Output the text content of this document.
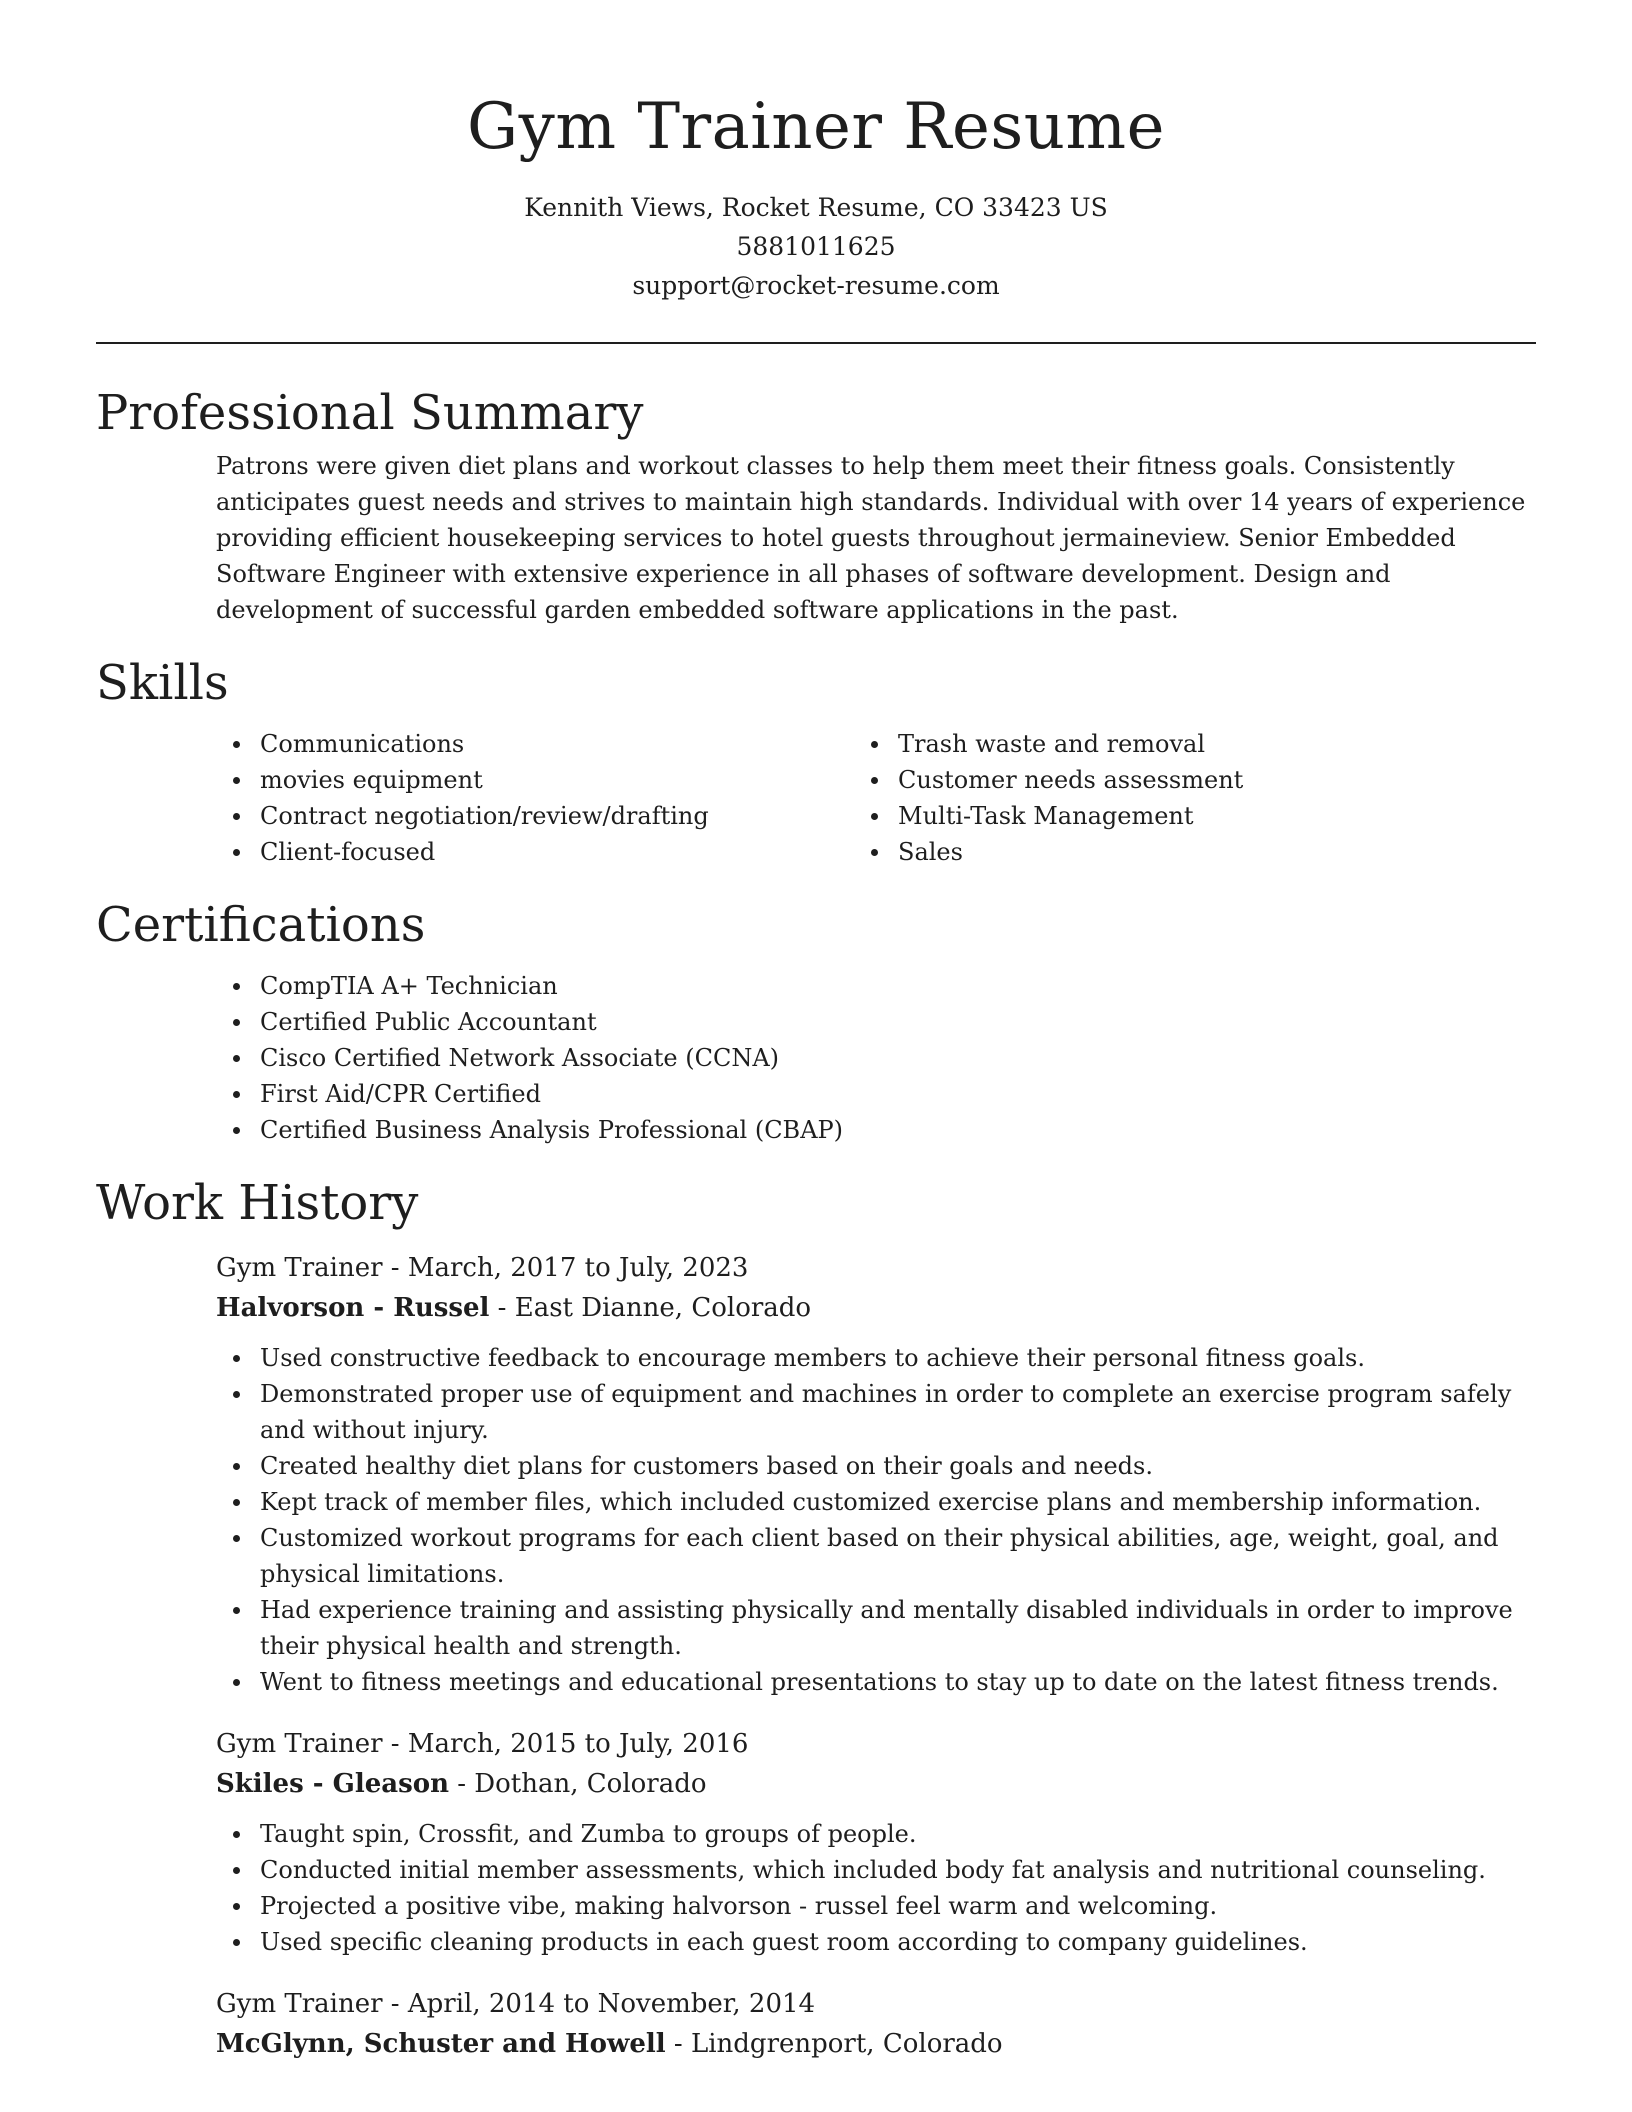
Gym Trainer Resume
Kennith Views, Rocket Resume, CO 33423 US
5881011625
support@rocket-resume.com
Professional Summary

Patrons were given diet plans and workout classes to help them meet their fitness goals. Consistently anticipates guest needs and strives to maintain high standards. Individual with over 14 years of experience providing efficient housekeeping services to hotel guests throughout jermaineview. Senior Embedded Software Engineer with extensive experience in all phases of software development. Design and development of successful garden embedded software applications in the past.

Skills
Communications
movies equipment
Contract negotiation/review/drafting
Client-focused
Trash waste and removal
Customer needs assessment
Multi-Task Management
Sales
Certifications
CompTIA A+ Technician
Certified Public Accountant
Cisco Certified Network Associate (CCNA)
First Aid/CPR Certified
Certified Business Analysis Professional (CBAP)
Work History
Gym Trainer - March, 2017 to July, 2023
Halvorson - Russel - East Dianne, Colorado
Used constructive feedback to encourage members to achieve their personal fitness goals.
Demonstrated proper use of equipment and machines in order to complete an exercise program safely and without injury.
Created healthy diet plans for customers based on their goals and needs.
Kept track of member files, which included customized exercise plans and membership information.
Customized workout programs for each client based on their physical abilities, age, weight, goal, and physical limitations.
Had experience training and assisting physically and mentally disabled individuals in order to improve their physical health and strength.
Went to fitness meetings and educational presentations to stay up to date on the latest fitness trends.
Gym Trainer - March, 2015 to July, 2016
Skiles - Gleason - Dothan, Colorado
Taught spin, Crossfit, and Zumba to groups of people.
Conducted initial member assessments, which included body fat analysis and nutritional counseling.
Projected a positive vibe, making halvorson - russel feel warm and welcoming.
Used specific cleaning products in each guest room according to company guidelines.
Gym Trainer - April, 2014 to November, 2014
McGlynn, Schuster and Howell - Lindgrenport, Colorado
